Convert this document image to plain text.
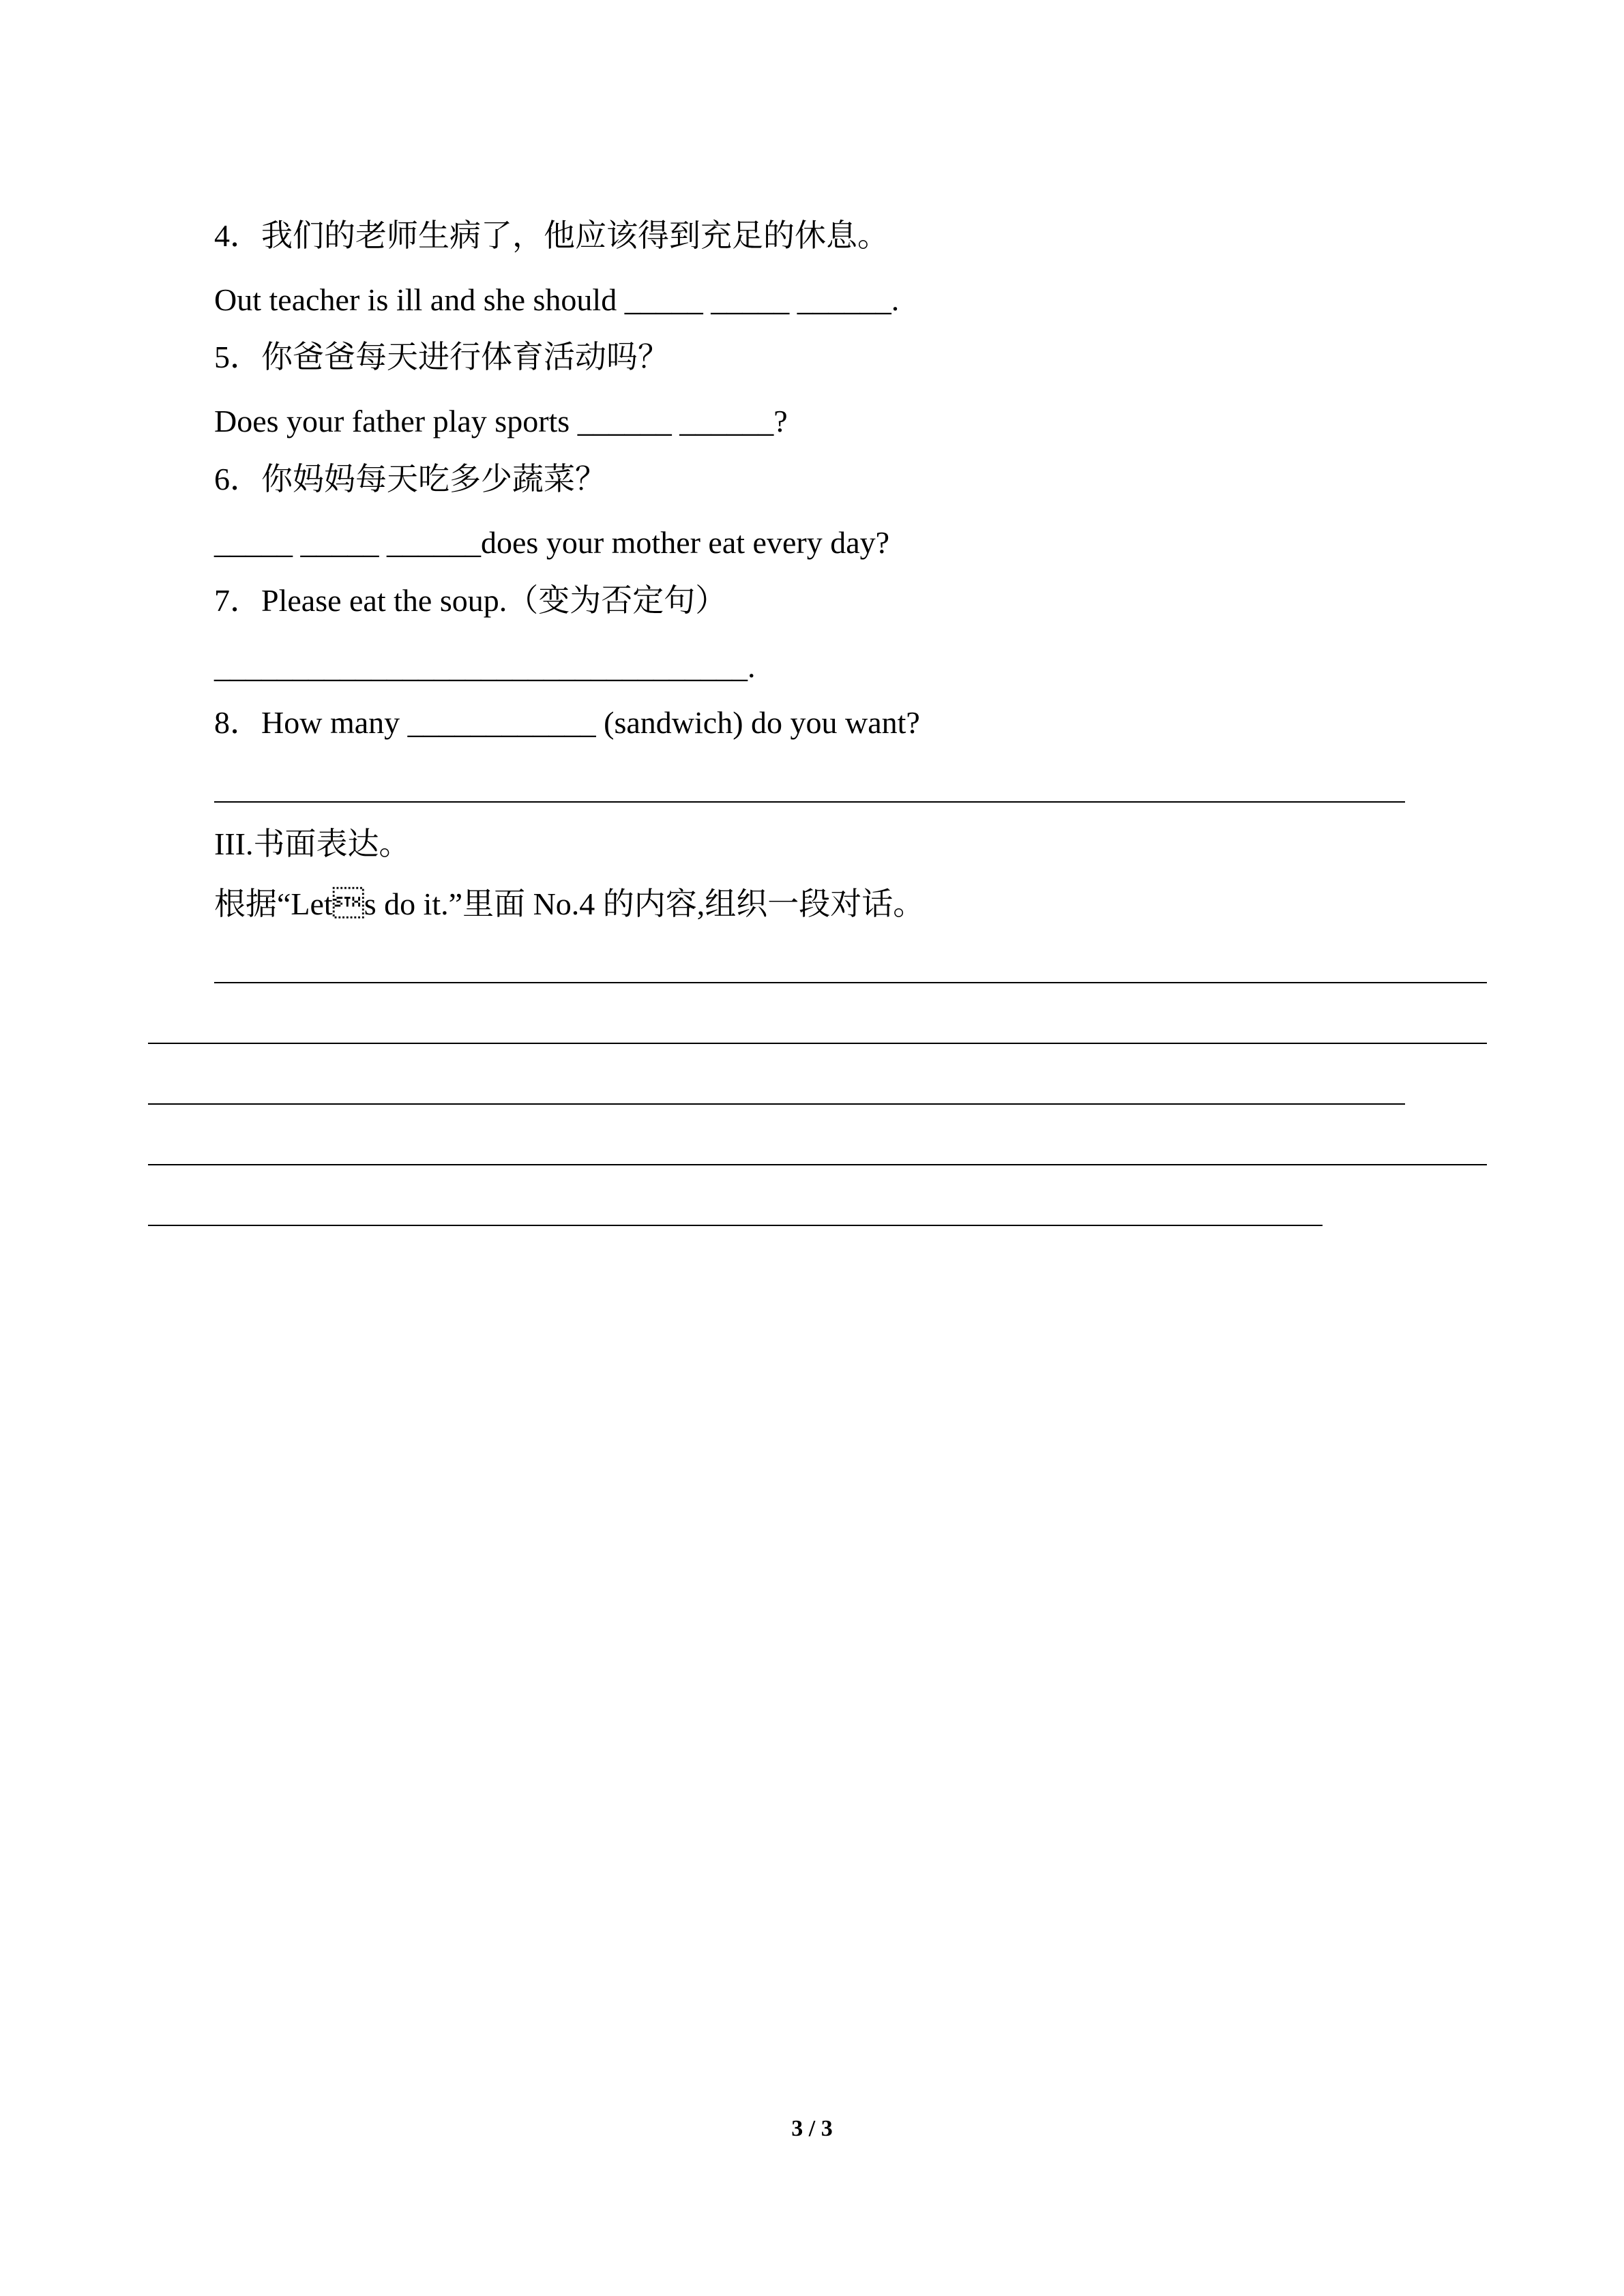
4．我们的老师生病了，他应该得到充足的休息。
Out teacher is ill and she should _____ _____ ______.
5．你爸爸每天进行体育活动吗？
Does your father play sports ______ ______?
6．你妈妈每天吃多少蔬菜？
_____ _____ ______does your mother eat every day?
7．Please eat the soup.（变为否定句）
__________________________________.
8．How many ____________ (sandwich) do you want?
III.书面表达。
根据“Lets do it.”里面 No.4 的内容,组织一段对话。
3 / 3
